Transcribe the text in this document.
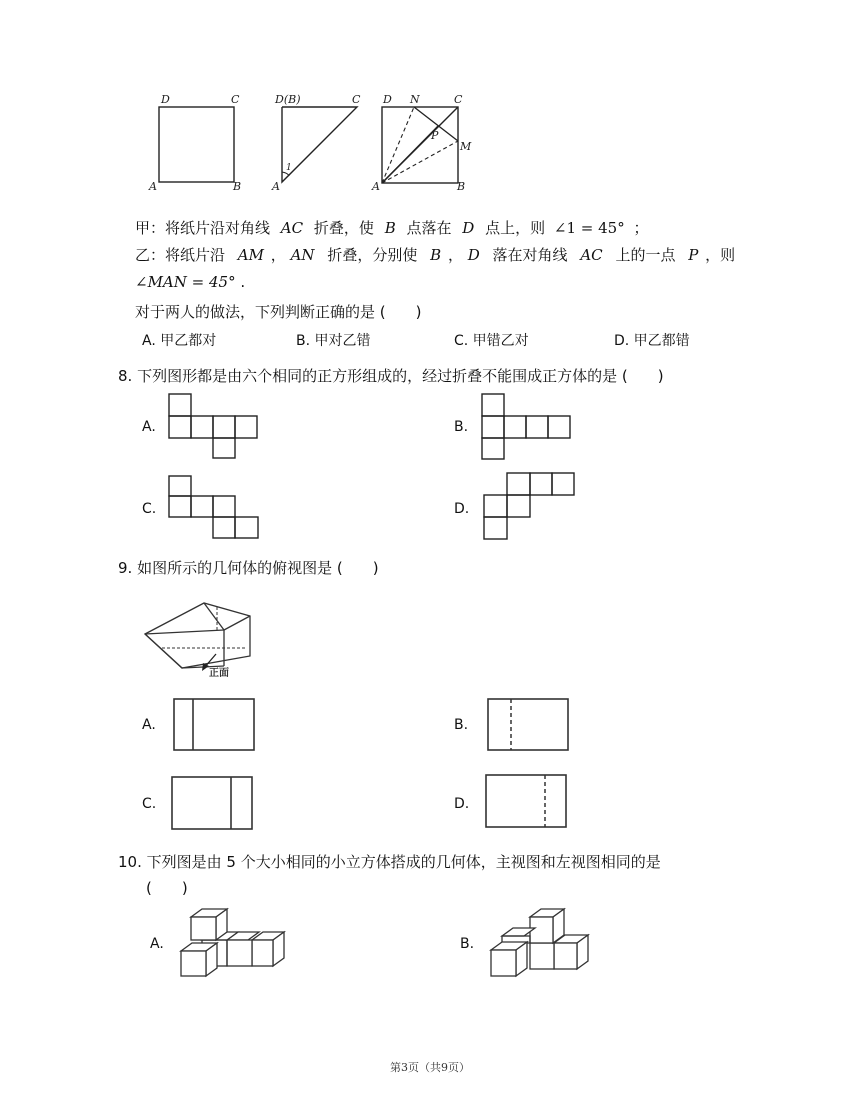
D	C
A	B
D(B)	C
A
1
D N	C
P
M
A	B
甲：将纸片沿对角线 AC 折叠，使 B 点落在 D 点上，则 ∠1 = 45° ；
乙：将纸片沿 AM ， AN 折叠，分别使 B ， D 落在对角线 AC 上的一点 P ，则
∠MAN = 45° .
对于两人的做法，下列判断正确的是 (　　)
A. 甲乙都对	B. 甲对乙错	C. 甲错乙对	D. 甲乙都错
8. 下列图形都是由六个相同的正方形组成的，经过折叠不能围成正方体的是 (　　)
A.	B.
C.	D.
9. 如图所示的几何体的俯视图是 (　　)
正面
A.	B.
C.	D.
10. 下列图是由 5 个大小相同的小立方体搭成的几何体，主视图和左视图相同的是
(　　)
A.	B.
第3页（共9页）
